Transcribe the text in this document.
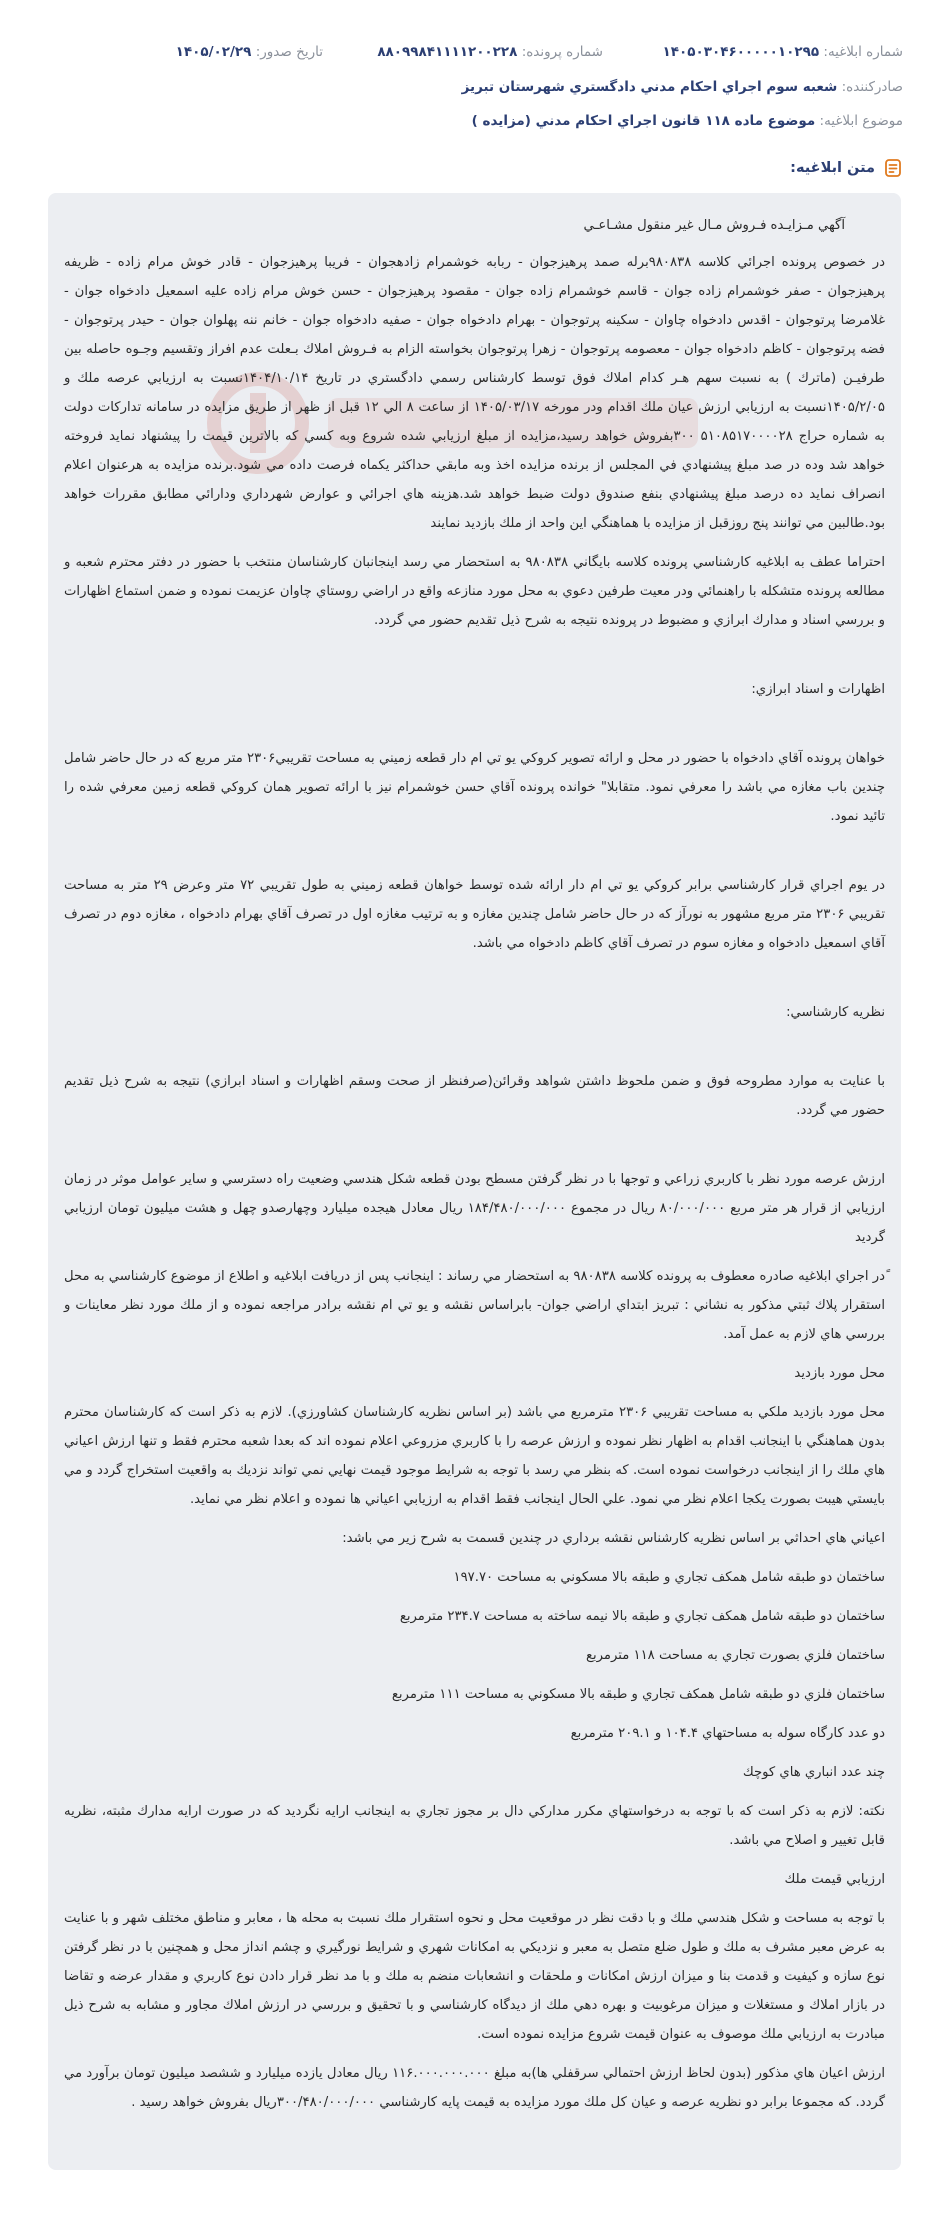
شماره ابلاغیه: ۱۴۰۵۰۳۰۴۶۰۰۰۰۰۱۰۲۹۵
شماره پرونده: ۸۸۰۹۹۸۴۱۱۱۱۲۰۰۲۲۸
تاریخ صدور: ۱۴۰۵/۰۲/۲۹
صادرکننده: شعبه سوم اجراي احكام مدني دادگستري شهرستان تبريز
موضوع ابلاغیه: موضوع ماده ۱۱۸ قانون اجراي احكام مدني (مزايده )
متن ابلاغیه:

آگهي مـزايـده فـروش مـال غير منقول مشـاعـي

در خصوص پرونده اجرائي كلاسه ۹۸۰۸۳۸برله صمد پرهيزجوان - ربابه خوشمرام زادهجوان - فريبا پرهيزجوان - قادر خوش مرام زاده - ظريفه پرهيزجوان - صفر خوشمرام زاده جوان - قاسم خوشمرام زاده جوان - مقصود پرهيزجوان - حسن خوش مرام زاده عليه اسمعيل دادخواه جوان - غلامرضا پرتوجوان - اقدس دادخواه چاوان - سكينه پرتوجوان - بهرام دادخواه جوان - صفيه دادخواه جوان - خانم ننه پهلوان جوان - حيدر پرتوجوان - فضه پرتوجوان - كاظم دادخواه جوان - معصومه پرتوجوان - زهرا پرتوجوان بخواسته الزام به فـروش املاك بـعلت عدم افراز وتقسيم وجـوه حاصله بين طرفيـن (ماترك ) به نسبت سهم هـر كدام املاك فوق توسط كارشناس رسمي دادگستري در تاريخ ۱۴۰۴/۱۰/۱۴نسبت به ارزيابي عرصه ملك و ۱۴۰۵/۲/۰۵نسبت به ارزيابي ارزش عيان ملك اقدام ودر مورخه ۱۴۰۵/۰۳/۱۷ از ساعت ۸ الي ۱۲ قبل از ظهر از طريق مزايده در سامانه تداركات دولت به شماره حراج ۵۱۰۸۵۱۷۰۰۰۰۲۸ ۳۰۰بفروش خواهد رسيد،مزايده از مبلغ ارزيابي شده شروع وبه كسي كه بالاترين قيمت را پيشنهاد نمايد فروخته خواهد شد وده در صد مبلغ پيشنهادي في المجلس از برنده مزايده اخذ وبه مابقي حداكثر يكماه فرصت داده مي شود.برنده مزايده به هرعنوان اعلام انصراف نمايد ده درصد مبلغ پيشنهادي بنفع صندوق دولت ضبط خواهد شد.هزينه هاي اجرائي و عوارض شهرداري ودارائي مطابق مقررات خواهد بود.طالبين مي توانند پنج روزقبل از مزايده با هماهنگي اين واحد از ملك بازديد نمايند

احتراما عطف به ابلاغيه كارشناسي پرونده كلاسه بايگاني ۹۸۰۸۳۸ به استحضار مي رسد اينجانبان كارشناسان منتخب با حضور در دفتر محترم شعبه و مطالعه پرونده متشكله با راهنمائي ودر معيت طرفين دعوي به محل مورد منازعه واقع در اراضي روستاي چاوان عزيمت نموده و ضمن استماع اظهارات و بررسي اسناد و مدارك ابرازي و مضبوط در پرونده نتيجه به شرح ذيل تقديم حضور مي گردد.

اظهارات و اسناد ابرازي:

خواهان پرونده آقاي دادخواه با حضور در محل و ارائه تصوير كروكي يو تي ام دار قطعه زميني به مساحت تقريبي۲۳۰۶ متر مربع كه در حال حاضر شامل چندين باب مغازه مي باشد را معرفي نمود. متقابلا" خوانده پرونده آقاي حسن خوشمرام نيز با ارائه تصوير همان كروكي قطعه زمين معرفي شده را تائيد نمود.

در يوم اجراي قرار كارشناسي برابر كروكي يو تي ام دار ارائه شده توسط خواهان قطعه زميني به طول تقريبي ۷۲ متر وعرض ۲۹ متر به مساحت تقريبي ۲۳۰۶ متر مربع مشهور به نورآز كه در حال حاضر شامل چندين مغازه و به ترتيب مغازه اول در تصرف آقاي بهرام دادخواه ، مغازه دوم در تصرف آقاي اسمعيل دادخواه و مغازه سوم در تصرف آقاي كاظم دادخواه مي باشد.

نظريه كارشناسي:

با عنايت به موارد مطروحه فوق و ضمن ملحوظ داشتن شواهد وقرائن(صرفنظر از صحت وسقم اظهارات و اسناد ابرازي) نتيجه به شرح ذيل تقديم حضور مي گردد.

ارزش عرصه مورد نظر با كاربري زراعي و توجها با در نظر گرفتن مسطح بودن قطعه شكل هندسي وضعيت راه دسترسي و ساير عوامل موثر در زمان ارزيابي از قرار هر متر مربع ۸۰/۰۰۰/۰۰۰ ريال در مجموع ۱۸۴/۴۸۰/۰۰۰/۰۰۰ ريال معادل هيجده ميليارد وچهارصدو چهل و هشت ميليون تومان ارزيابي گرديد

ًدر اجراي ابلاغيه صادره معطوف به پرونده كلاسه ۹۸۰۸۳۸ به استحضار مي رساند : اينجانب پس از دريافت ابلاغيه و اطلاع از موضوع كارشناسي به محل استقرار پلاك ثبتي مذكور به نشاني : تبريز ابتداي اراضي جوان- بابراساس نقشه و يو تي ام نقشه برادر مراجعه نموده و از ملك مورد نظر معاينات و بررسي هاي لازم به عمل آمد.

محل مورد بازديد

محل مورد بازديد ملكي به مساحت تقريبي ۲۳۰۶ مترمربع مي باشد (بر اساس نظريه كارشناسان كشاورزي). لازم به ذكر است كه كارشناسان محترم بدون هماهنگي با اينجانب اقدام به اظهار نظر نموده و ارزش عرصه را با كاربري مزروعي اعلام نموده اند كه بعدا شعبه محترم فقط و تنها ارزش اعياني هاي ملك را از اينجانب درخواست نموده است. كه بنظر مي رسد با توجه به شرايط موجود قيمت نهايي نمي تواند نزديك به واقعيت استخراج گردد و مي بايستي هيبت بصورت يكجا اعلام نظر مي نمود. علي الحال اينجانب فقط اقدام به ارزيابي اعياني ها نموده و اعلام نظر مي نمايد.

اعياني هاي احداثي بر اساس نظريه كارشناس نقشه برداري در چندين قسمت به شرح زير مي باشد:

ساختمان دو طبقه شامل همكف تجاري و طبقه بالا مسكوني به مساحت ۱۹۷.۷۰

ساختمان دو طبقه شامل همكف تجاري و طبقه بالا نيمه ساخته به مساحت ۲۳۴.۷ مترمربع

ساختمان فلزي بصورت تجاري به مساحت ۱۱۸ مترمربع

ساختمان فلزي دو طبقه شامل همكف تجاري و طبقه بالا مسكوني به مساحت ۱۱۱ مترمربع

دو عدد كارگاه سوله به مساحتهاي ۱۰۴.۴ و ۲۰۹.۱ مترمربع

چند عدد انباري هاي كوچك

نكته: لازم به ذكر است كه با توجه به درخواستهاي مكرر مداركي دال بر مجوز تجاري به اينجانب ارايه نگرديد كه در صورت ارايه مدارك مثبته، نظريه قابل تغيير و اصلاح مي باشد.

ارزيابي قيمت ملك

با توجه به مساحت و شكل هندسي ملك و با دقت نظر در موقعيت محل و نحوه استقرار ملك نسبت به محله ها ، معابر و مناطق مختلف شهر و با عنايت به عرض معبر مشرف به ملك و طول ضلع متصل به معبر و نزديكي به امكانات شهري و شرايط نورگيري و چشم انداز محل و همچنين با در نظر گرفتن نوع سازه و كيفيت و قدمت بنا و ميزان ارزش امكانات و ملحقات و انشعابات منضم به ملك و با مد نظر قرار دادن نوع كاربري و مقدار عرضه و تقاضا در بازار املاك و مستغلات و ميزان مرغوبيت و بهره دهي ملك از ديدگاه كارشناسي و با تحقيق و بررسي در ارزش املاك مجاور و مشابه به شرح ذيل مبادرت به ارزيابي ملك موصوف به عنوان قيمت شروع مزايده نموده است.

ارزش اعيان هاي مذكور (بدون لحاظ ارزش احتمالي سرقفلي ها)به مبلغ ۱۱۶.۰۰۰.۰۰۰.۰۰۰ ريال معادل يازده ميليارد و ششصد ميليون تومان برآورد مي گردد. كه مجموعا برابر دو نظريه عرصه و عيان كل ملك مورد مزايده به قيمت پايه كارشناسي ۳۰۰/۴۸۰/۰۰۰/۰۰۰ريال بفروش خواهد رسيد .
